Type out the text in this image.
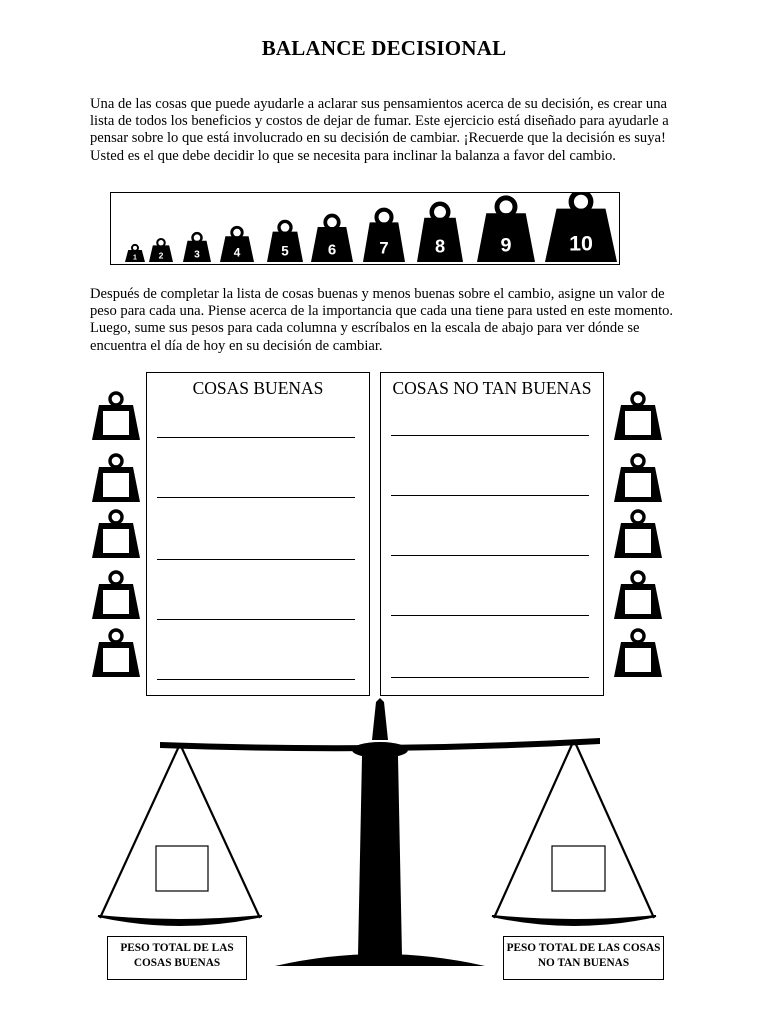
BALANCE DECISIONAL
Una de las cosas que puede ayudarle a aclarar sus pensamientos acerca de su decisión, es crear una lista de todos los beneficios y costos de dejar de fumar. Este ejercicio está diseñado para ayudarle a pensar sobre lo que está involucrado en su decisión de cambiar. ¡Recuerde que la decisión es suya! Usted es el que debe decidir lo que se necesita para inclinar la balanza a favor del cambio.
1	2	3	4	5	6	7	8	9	10
Después de completar la lista de cosas buenas y menos buenas sobre el cambio, asigne un valor de peso para cada una. Piense acerca de la importancia que cada una tiene para usted en este momento. Luego, sume sus pesos para cada columna y escríbalos en la escala de abajo para ver dónde se encuentra el día de hoy en su decisión de cambiar.
COSAS BUENAS	COSAS NO TAN BUENAS
PESO TOTAL DE LAS COSAS BUENAS
PESO TOTAL DE LAS COSAS NO TAN BUENAS
